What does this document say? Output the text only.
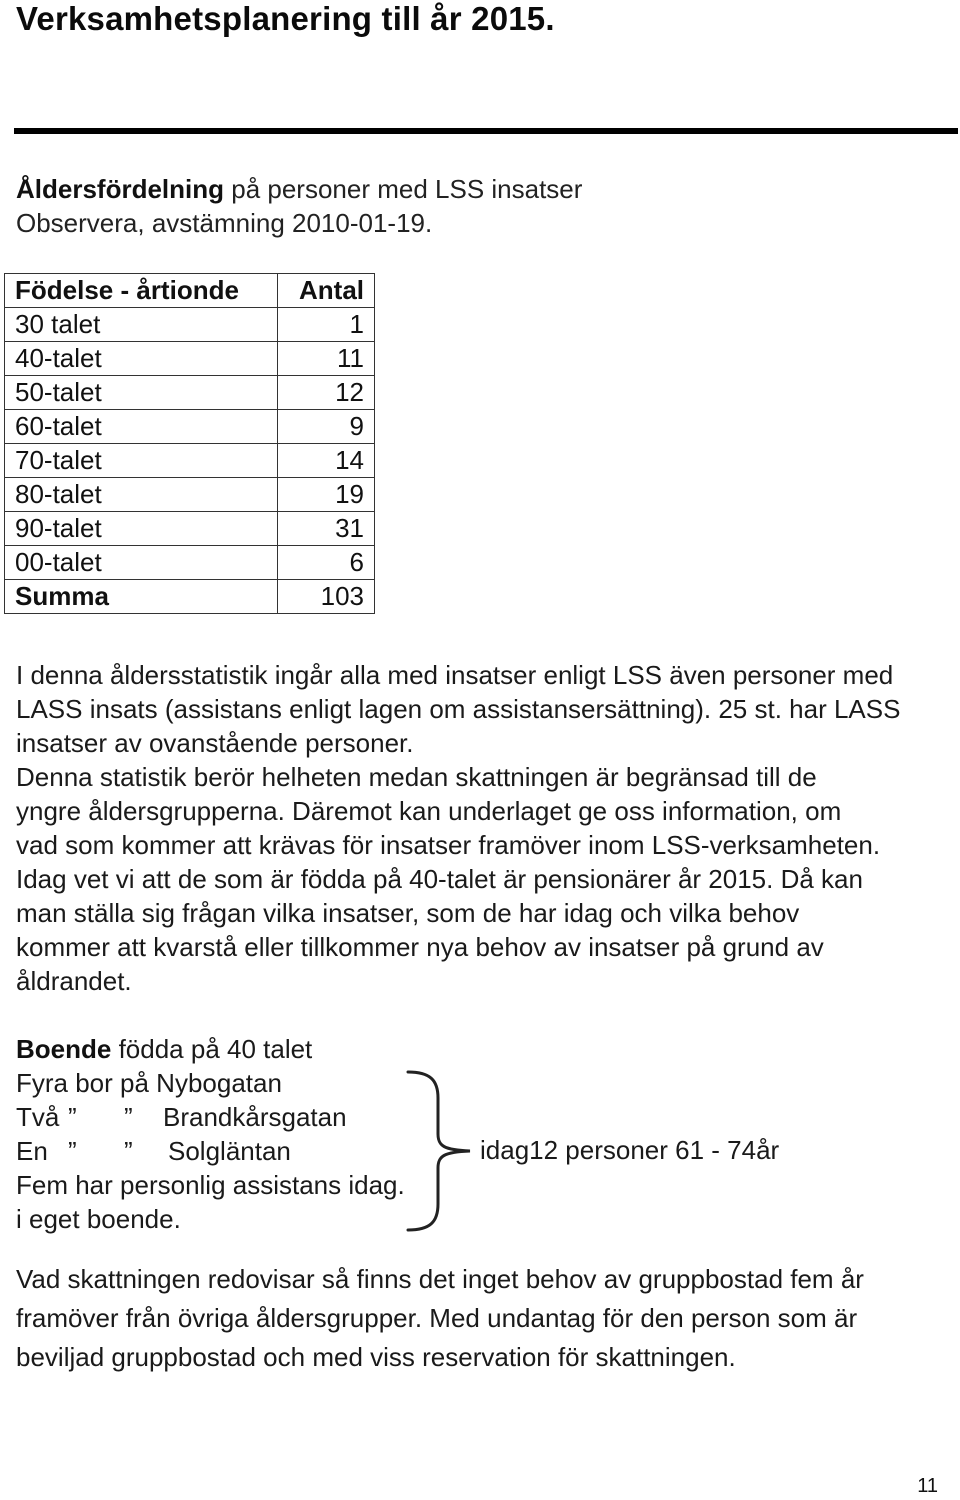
Verksamhetsplanering till år 2015.
Åldersfördelning på personer med LSS insatser
Observera, avstämning 2010-01-19.
Födelse - årtionde	Antal
30 talet	1
40-talet	11
50-talet	12
60-talet	9
70-talet	14
80-talet	19
90-talet	31
00-talet	6
Summa	103
I denna åldersstatistik ingår alla med insatser enligt LSS även personer med
LASS insats (assistans enligt lagen om assistansersättning). 25 st. har LASS
insatser av ovanstående personer.
Denna statistik berör helheten medan skattningen är begränsad till de
yngre åldersgrupperna. Däremot kan underlaget ge oss information, om
vad som kommer att krävas för insatser framöver inom LSS-verksamheten.
Idag vet vi att de som är födda på 40-talet är pensionärer år 2015. Då kan
man ställa sig frågan vilka insatser, som de har idag och vilka behov
kommer att kvarstå eller tillkommer nya behov av insatser på grund av
åldrandet.
Boende födda på 40 talet
Fyra bor på Nybogatan
Två ” ” Brandkårsgatan
En ” ” Solgläntan
Fem har personlig assistans idag.
i eget boende.
idag12 personer 61 - 74år
Vad skattningen redovisar så finns det inget behov av gruppbostad fem år
framöver från övriga åldersgrupper. Med undantag för den person som är
beviljad gruppbostad och med viss reservation för skattningen.
11
